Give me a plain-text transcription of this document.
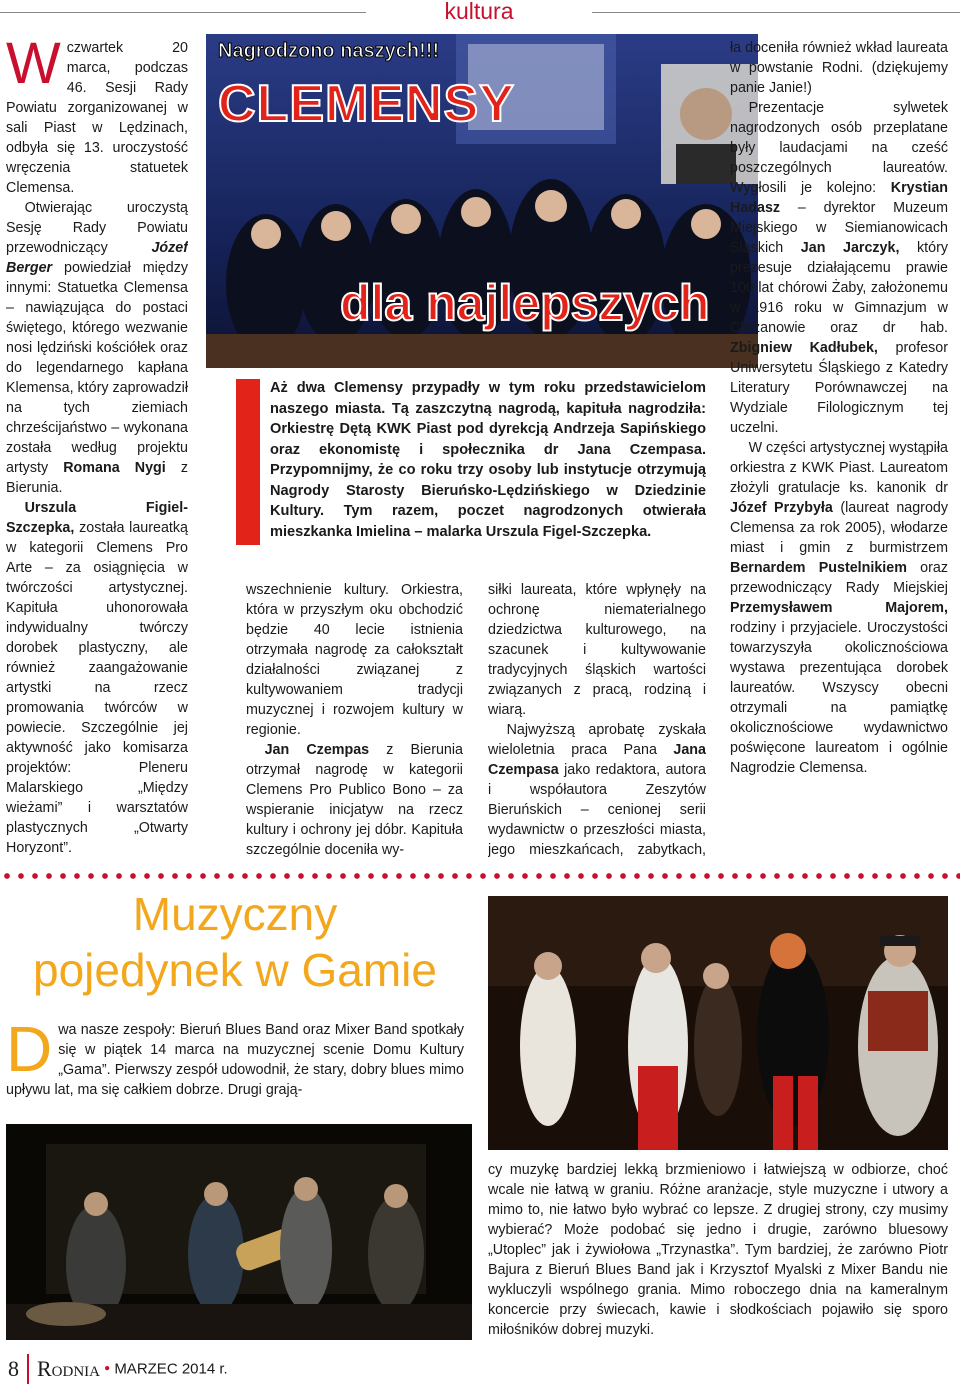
kultura

Wczwartek 20 marca, podczas 46. Sesji Rady Powiatu zorganizowanej w sali Piast w Lędzinach, odbyła się 13. uroczystość wręczenia statuetek Clemensa.

Otwierając uroczystą Sesję Rady Powiatu przewodniczący Józef Berger powiedział między innymi: Statuetka Clemensa – nawiązująca do postaci świętego, którego wezwanie nosi lędziński kościółek oraz do legendarnego kapłana Klemensa, który zaprowadził na tych ziemiach chrześcijaństwo – wykonana została według projektu artysty Romana Nygi z Bierunia.

Urszula Figiel-Szczepka, została laureatką w kategorii Clemens Pro Arte – za osiągnięcia w twórczości artystycznej. Kapituła uhonorowała indywidualny twórczy dorobek plastyczny, ale również zaangażowanie artystki na rzecz promowania twórców w powiecie. Szczególnie jej aktywność jako komisarza projektów: Pleneru Malarskiego „Między wieżami” i warsztatów plastycznych „Otwarty Horyzont”.

Nagrodzono naszych!!!
CLEMENSY
dla najlepszych
Aż dwa Clemensy przypadły w tym roku przedstawicielom naszego miasta. Tą zaszczytną nagrodą, kapituła nagrodziła: Orkiestrę Dętą KWK Piast pod dyrekcją Andrzeja Sapińskiego oraz ekonomistę i społecznika dr Jana Czempasa. Przypomnijmy, że co roku trzy osoby lub instytucje otrzymują Nagrody Starosty Bieruńsko-Lędzińskiego w Dziedzinie Kultury. Tym razem, poczet nagrodzonych otwierała mieszkanka Imielina – malarka Urszula Figel-Szczepka.

wszechnienie kultury. Orkiestra, która w przyszłym oku obchodzić będzie 40 lecie istnienia otrzymała nagrodę za całokształt działalności związanej z kultywowaniem tradycji muzycznej i rozwojem kultury w regionie.

Jan Czempas z Bierunia otrzymał nagrodę w kategorii Clemens Pro Publico Bono – za wspieranie inicjatyw na rzecz kultury i ochrony jej dóbr. Kapituła szczególnie doceniła wy-

siłki laureata, które wpłynęły na ochronę niematerialnego dziedzictwa kulturowego, na szacunek i kultywowanie tradycyjnych śląskich wartości związanych z pracą, rodziną i wiarą.

Najwyższą aprobatę zyskała wieloletnia praca Pana Jana Czempasa jako redaktora, autora i współautora Zeszytów Bieruńskich – cenionej serii wydawnictw o przeszłości miasta, jego mieszkańcach, zabytkach,

ła doceniła również wkład laureata w powstanie Rodni. (dziękujemy panie Janie!)

Prezentacje sylwetek nagrodzonych osób przeplatane były laudacjami na cześć poszczególnych laureatów. Wygłosili je kolejno: Krystian Hadasz – dyrektor Muzeum Miejskiego w Siemianowicach Śląskich Jan Jarczyk, który prezesuje działającemu prawie 100 lat chórowi Żaby, założonemu w 1916 roku w Gimnazjum w Chrzanowie oraz dr hab. Zbigniew Kadłubek, profesor Uniwersytetu Śląskiego z Katedry Literatury Porównawczej na Wydziale Filologicznym tej uczelni.

W części artystycznej wystąpiła orkiestra z KWK Piast. Laureatom złożyli gratulacje ks. kanonik dr Józef Przybyła (laureat nagrody Clemensa za rok 2005), włodarze miast i gmin z burmistrzem Bernardem Pustelnikiem oraz przewodniczący Rady Miejskiej Przemysławem Majorem, rodziny i przyjaciele. Uroczystości towarzyszyła okolicznościowa wystawa prezentująca dorobek laureatów. Wszyscy obecni otrzymali na pamiątkę okolicznościowe wydawnictwo poświęcone laureatom i ogólnie Nagrodzie Clemensa.

Muzyczny
pojedynek w Gamie

Dwa nasze zespoły: Bieruń Blues Band oraz Mixer Band spotkały się w piątek 14 marca na muzycznej scenie Domu Kultury „Gama”. Pierwszy zespół udowodnił, że stary, dobry blues mimo upływu lat, ma się całkiem dobrze. Drugi grają-

cy muzykę bardziej lekką brzmieniowo i łatwiejszą w odbiorze, choć wcale nie łatwą w graniu. Różne aranżacje, style muzyczne i utwory a mimo to, nie łatwo było wybrać co lepsze. Z drugiej strony, czy musimy wybierać? Może podobać się jedno i drugie, zarówno bluesowy „Utoplec” jak i żywiołowa „Trzynastka”. Tym bardziej, że zarówno Piotr Bajura z Bieruń Blues Band jak i Krzysztof Myalski z Mixer Bandu nie wykluczyli wspólnego grania. Mimo roboczego dnia na kameralnym koncercie przy świecach, kawie i słodkościach pojawiło się sporo miłośników dobrej muzyki.

8 Rodnia • MARZEC 2014 r.
